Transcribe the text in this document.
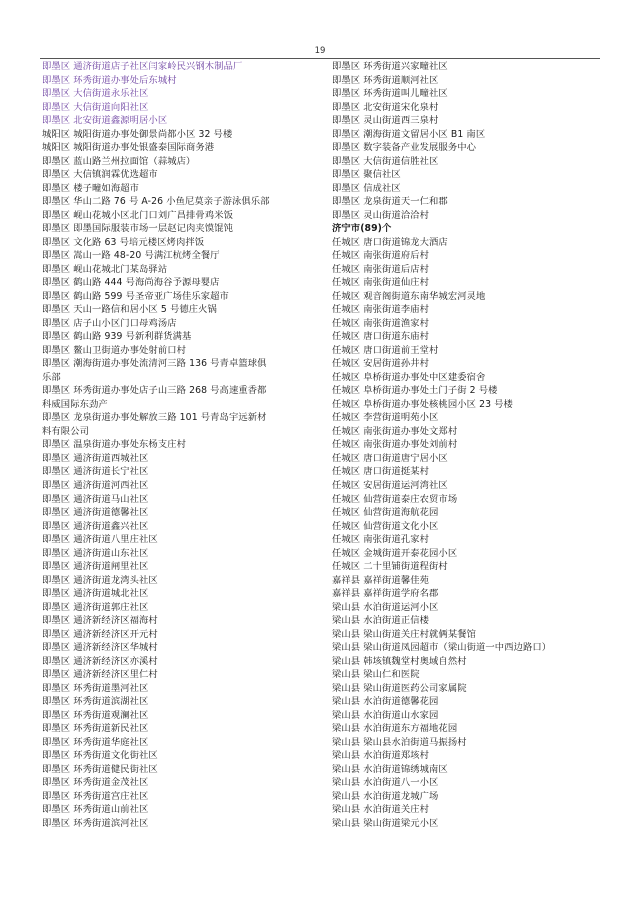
19
即墨区 通济街道店子社区闫家岭民兴钢木制品厂
即墨区 环秀街道办事处后东城村
即墨区 大信街道永乐社区
即墨区 大信街道向阳社区
即墨区 北安街道鑫源明居小区
城阳区 城阳街道办事处御景尚都小区 32 号楼
城阳区 城阳街道办事处银盛泰国际商务港
即墨区 蓝山路兰州拉面馆（蒜城店）
即墨区 大信镇润霖优选超市
即墨区 楼子疃如海超市
即墨区 华山二路 76 号 A-26 小鱼尼莫亲子游泳俱乐部
即墨区 岘山花城小区北门口刘广昌排骨鸡米饭
即墨区 即墨国际服装市场一层赵记肉夹馍馄饨
即墨区 文化路 63 号培元楼区烤肉拌饭
即墨区 嵩山一路 48-20 号满江杭烤全餐厅
即墨区 岘山花城北门某岛驿站
即墨区 鹤山路 444 号海尚海谷予源母婴店
即墨区 鹤山路 599 号圣帝亚广场佳乐家超市
即墨区 天山一路信和居小区 5 号德庄火锅
即墨区 店子山小区门口母鸡汤店
即墨区 鹤山路 939 号新利群货满基
即墨区 鳌山卫街道办事处射前口村
即墨区 潮海街道办事处流清河三路 136 号青卓篮球俱
乐部
即墨区 环秀街道办事处店子山三路 268 号高速重香都
科威国际东劲产
即墨区 龙泉街道办事处解放三路 101 号青岛宇远新材
料有限公司
即墨区 温泉街道办事处东杨支庄村
即墨区 通济街道西城社区
即墨区 通济街道长宁社区
即墨区 通济街道河西社区
即墨区 通济街道马山社区
即墨区 通济街道德馨社区
即墨区 通济街道鑫兴社区
即墨区 通济街道八里庄社区
即墨区 通济街道山东社区
即墨区 通济街道闸里社区
即墨区 通济街道龙湾头社区
即墨区 通济街道城北社区
即墨区 通济街道郭庄社区
即墨区 通济新经济区福海村
即墨区 通济新经济区开元村
即墨区 通济新经济区华城村
即墨区 通济新经济区亦溪村
即墨区 通济新经济区里仁村
即墨区 环秀街道墨河社区
即墨区 环秀街道滨湖社区
即墨区 环秀街道观澜社区
即墨区 环秀街道新民社区
即墨区 环秀街道华庭社区
即墨区 环秀街道文化街社区
即墨区 环秀街道健民街社区
即墨区 环秀街道金茂社区
即墨区 环秀街道宫庄社区
即墨区 环秀街道山前社区
即墨区 环秀街道滨河社区
即墨区 环秀街道兴家疃社区
即墨区 环秀街道顺河社区
即墨区 环秀街道叫儿疃社区
即墨区 北安街道宋化泉村
即墨区 灵山街道西三泉村
即墨区 潮海街道文留居小区 B1 南区
即墨区 数字装备产业发展服务中心
即墨区 大信街道信胜社区
即墨区 聚信社区
即墨区 信成社区
即墨区 龙泉街道天一仁和郡
即墨区 灵山街道洽洽村
济宁市(89)个
任城区 唐口街道锦龙大酒店
任城区 南张街道府后村
任城区 南张街道后店村
任城区 南张街道仙庄村
任城区 观音阁街道东南华城宏河灵地
任城区 南张街道李庙村
任城区 南张街道渔家村
任城区 唐口街道东庙村
任城区 唐口街道前王堂村
任城区 安居街道孙井村
任城区 阜桥街道办事处中区建委宿舍
任城区 阜桥街道办事处土门子街 2 号楼
任城区 阜桥街道办事处核桃园小区 23 号楼
任城区 李营街道明苑小区
任城区 南张街道办事处文郑村
任城区 南张街道办事处刘前村
任城区 唐口街道唐宁居小区
任城区 唐口街道挺某村
任城区 安居街道运河湾社区
任城区 仙营街道泰庄农贸市场
任城区 仙营街道海航花园
任城区 仙营街道文化小区
任城区 南张街道孔家村
任城区 金城街道开泰花园小区
任城区 二十里铺街道程街村
嘉祥县 嘉祥街道馨佳苑
嘉祥县 嘉祥街道学府名郡
梁山县 水泊街道运河小区
梁山县 水泊街道正信楼
梁山县 梁山街道关庄村就俩某餐馆
梁山县 梁山街道凤园超市（梁山街道一中西边路口）
梁山县 韩垓镇魏堂村奥域自然村
梁山县 梁山仁和医院
梁山县 梁山街道医药公司家属院
梁山县 水泊街道德馨花园
梁山县 水泊街道山水家园
梁山县 水泊街道东方福地花园
梁山县 梁山县水泊街道马振扬村
梁山县 水泊街道郑垓村
梁山县 水泊街道锦绣城南区
梁山县 水泊街道八一小区
梁山县 水泊街道龙城广场
梁山县 水泊街道关庄村
梁山县 梁山街道梁元小区
